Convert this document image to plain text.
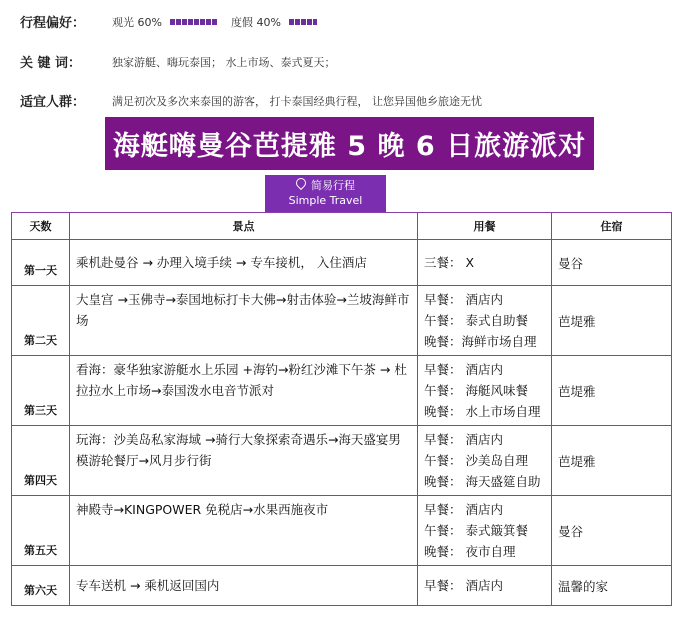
行程偏好：	观光 60%	度假 40%
关 键 词：	独家游艇、嗨玩泰国； 水上市场、泰式夏天；
适宜人群：	满足初次及多次来泰国的游客， 打卡泰国经典行程， 让您异国他乡旅途无忧
海艇嗨曼谷芭提雅 5 晚 6 日旅游派对
简易行程
Simple Travel
天数	景点	用餐	住宿
第一天	乘机赴曼谷 → 办理入境手续 → 专车接机， 入住酒店	三餐： X	曼谷
第二天	大皇宫 →玉佛寺→泰国地标打卡大佛→射击体验→兰坡海鲜市场	早餐： 酒店内
午餐： 泰式自助餐
晚餐：海鲜市场自理	芭堤雅
第三天	看海：豪华独家游艇水上乐园 +海钓→粉红沙滩下午茶 → 杜拉拉水上市场→泰国泼水电音节派对	早餐： 酒店内
午餐： 海艇风味餐
晚餐： 水上市场自理	芭堤雅
第四天	玩海：沙美岛私家海域 →骑行大象探索奇遇乐→海天盛宴男模游轮餐厅→风月步行街	早餐： 酒店内
午餐： 沙美岛自理
晚餐： 海天盛筵自助	芭堤雅
第五天	神殿寺→KINGPOWER 免税店→水果西施夜市	早餐： 酒店内
午餐： 泰式簸箕餐
晚餐： 夜市自理	曼谷
第六天	专车送机 → 乘机返回国内	早餐： 酒店内	温馨的家
